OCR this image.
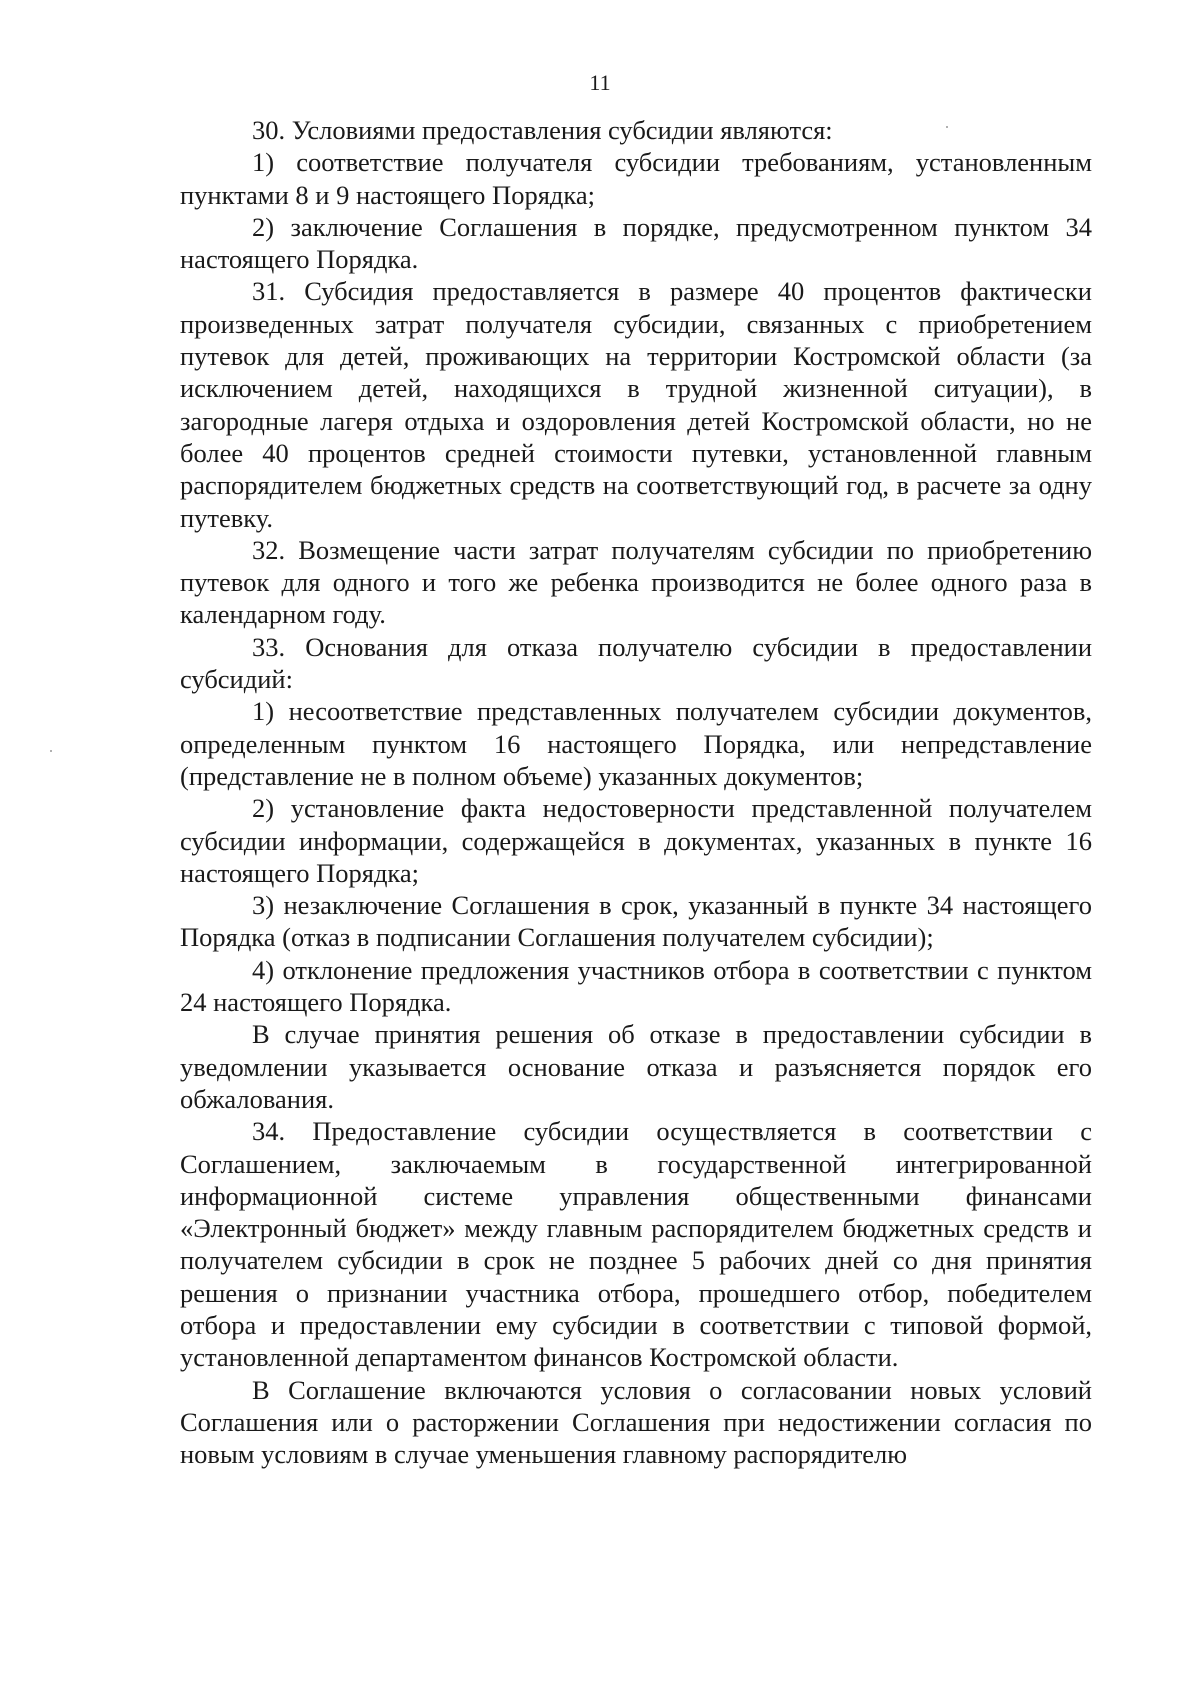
11

30. Условиями предоставления субсидии являются:

1) соответствие получателя субсидии требованиям, установленным пунктами 8 и 9 настоящего Порядка;

2) заключение Соглашения в порядке, предусмотренном пунктом 34 настоящего Порядка.

31. Субсидия предоставляется в размере 40 процентов фактически произведенных затрат получателя субсидии, связанных с приобретением путевок для детей, проживающих на территории Костромской области (за исключением детей, находящихся в трудной жизненной ситуации), в загородные лагеря отдыха и оздоровления детей Костромской области, но не более 40 процентов средней стоимости путевки, установленной главным распорядителем бюджетных средств на соответствующий год, в расчете за одну путевку.

32. Возмещение части затрат получателям субсидии по приобретению путевок для одного и того же ребенка производится не более одного раза в календарном году.

33. Основания для отказа получателю субсидии в предоставлении субсидий:

1) несоответствие представленных получателем субсидии документов, определенным пунктом 16 настоящего Порядка, или непредставление (представление не в полном объеме) указанных документов;

2) установление факта недостоверности представленной получателем субсидии информации, содержащейся в документах, указанных в пункте 16 настоящего Порядка;

3) незаключение Соглашения в срок, указанный в пункте 34 настоящего Порядка (отказ в подписании Соглашения получателем субсидии);

4) отклонение предложения участников отбора в соответствии с пунктом 24 настоящего Порядка.

В случае принятия решения об отказе в предоставлении субсидии в уведомлении указывается основание отказа и разъясняется порядок его обжалования.

34. Предоставление субсидии осуществляется в соответствии с Соглашением, заключаемым в государственной интегрированной информационной системе управления общественными финансами «Электронный бюджет» между главным распорядителем бюджетных средств и получателем субсидии в срок не позднее 5 рабочих дней со дня принятия решения о признании участника отбора, прошедшего отбор, победителем отбора и предоставлении ему субсидии в соответствии с типовой формой, установленной департаментом финансов Костромской области.

В Соглашение включаются условия о согласовании новых условий Соглашения или о расторжении Соглашения при недостижении согласия по новым условиям в случае уменьшения главному распорядителю
